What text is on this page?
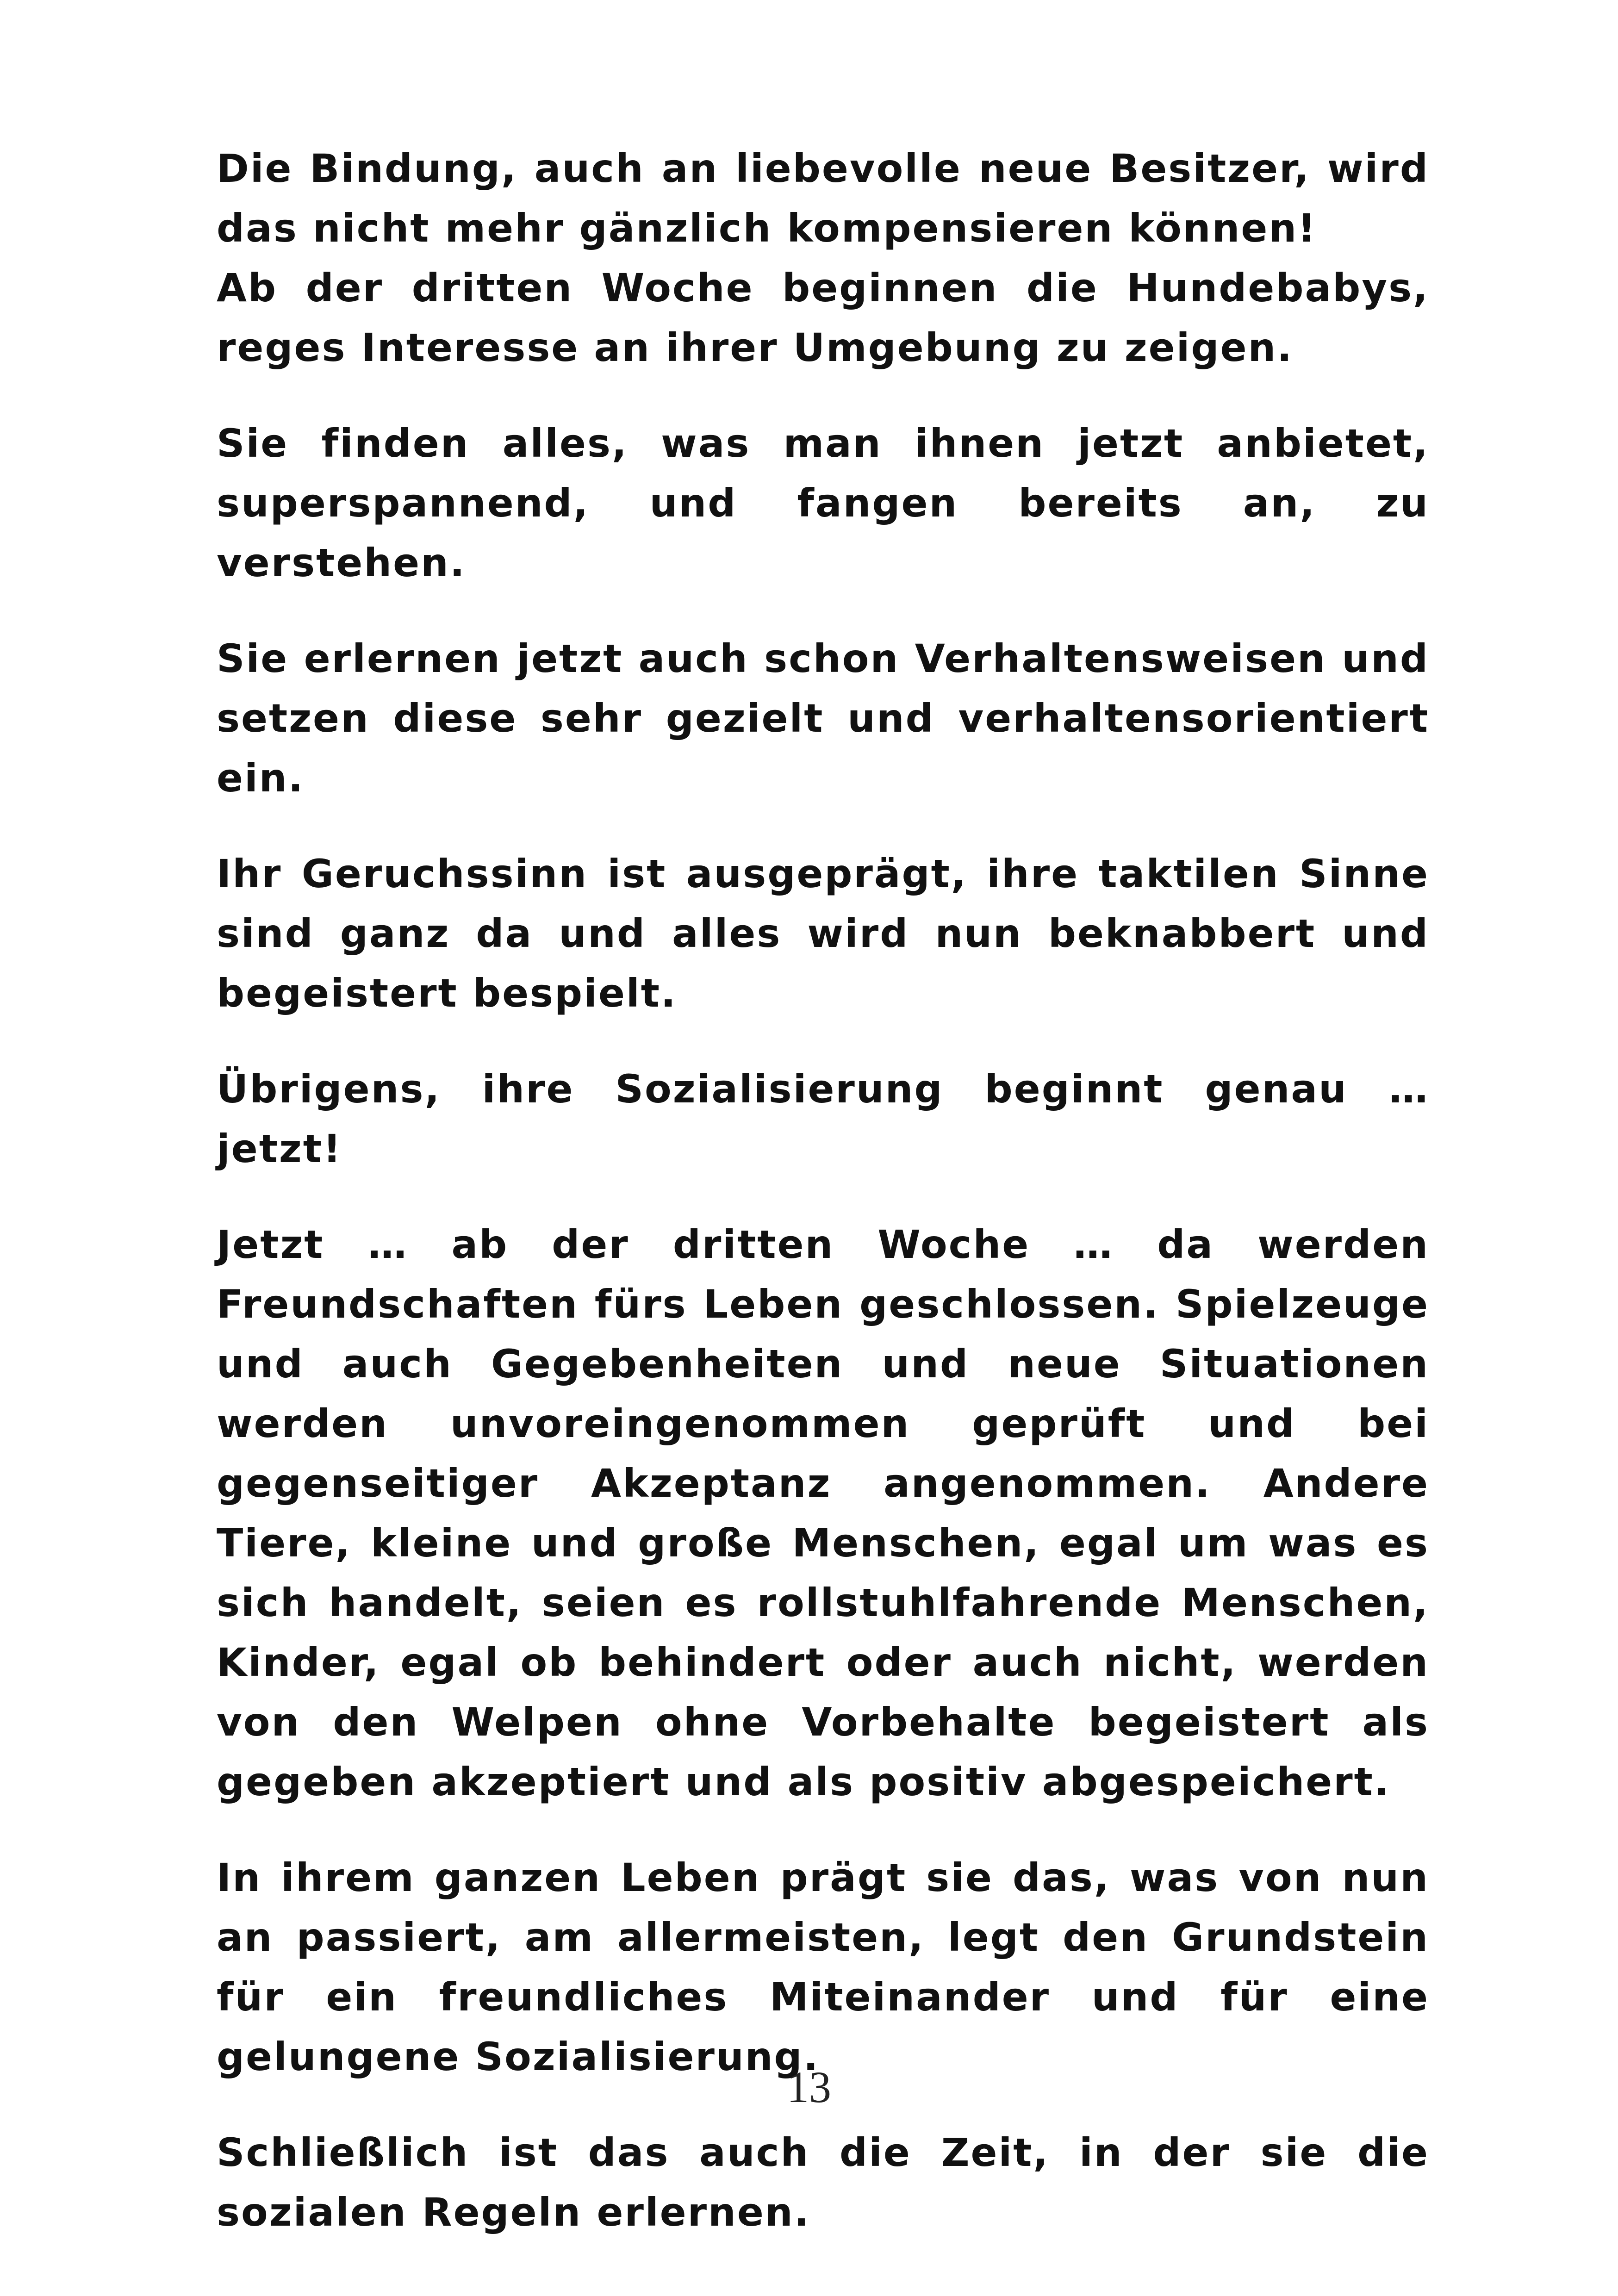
Die Bindung, auch an liebevolle neue Besitzer, wird das nicht mehr gänzlich kompensieren können!

Ab der dritten Woche beginnen die Hundebabys, reges Interesse an ihrer Umgebung zu zeigen.

Sie finden alles, was man ihnen jetzt anbietet, superspannend, und fangen bereits an, zu verstehen.

Sie erlernen jetzt auch schon Verhaltensweisen und setzen diese sehr gezielt und verhaltensorientiert ein.

Ihr Geruchssinn ist ausgeprägt, ihre taktilen Sinne sind ganz da und alles wird nun beknabbert und begeistert bespielt.

Übrigens, ihre Sozialisierung beginnt genau … jetzt!

Jetzt … ab der dritten Woche … da werden Freundschaften fürs Leben geschlossen. Spielzeuge und auch Gegebenheiten und neue Situationen werden unvoreingenommen geprüft und bei gegenseitiger Akzeptanz angenommen. Andere Tiere, kleine und große Menschen, egal um was es sich handelt, seien es rollstuhlfahrende Menschen, Kinder, egal ob behindert oder auch nicht, werden von den Welpen ohne Vorbehalte begeistert als gegeben akzeptiert und als positiv abgespeichert.

In ihrem ganzen Leben prägt sie das, was von nun an passiert, am allermeisten, legt den Grundstein für ein freundliches Miteinander und für eine gelungene Sozialisierung.

Schließlich ist das auch die Zeit, in der sie die sozialen Regeln erlernen.

13
